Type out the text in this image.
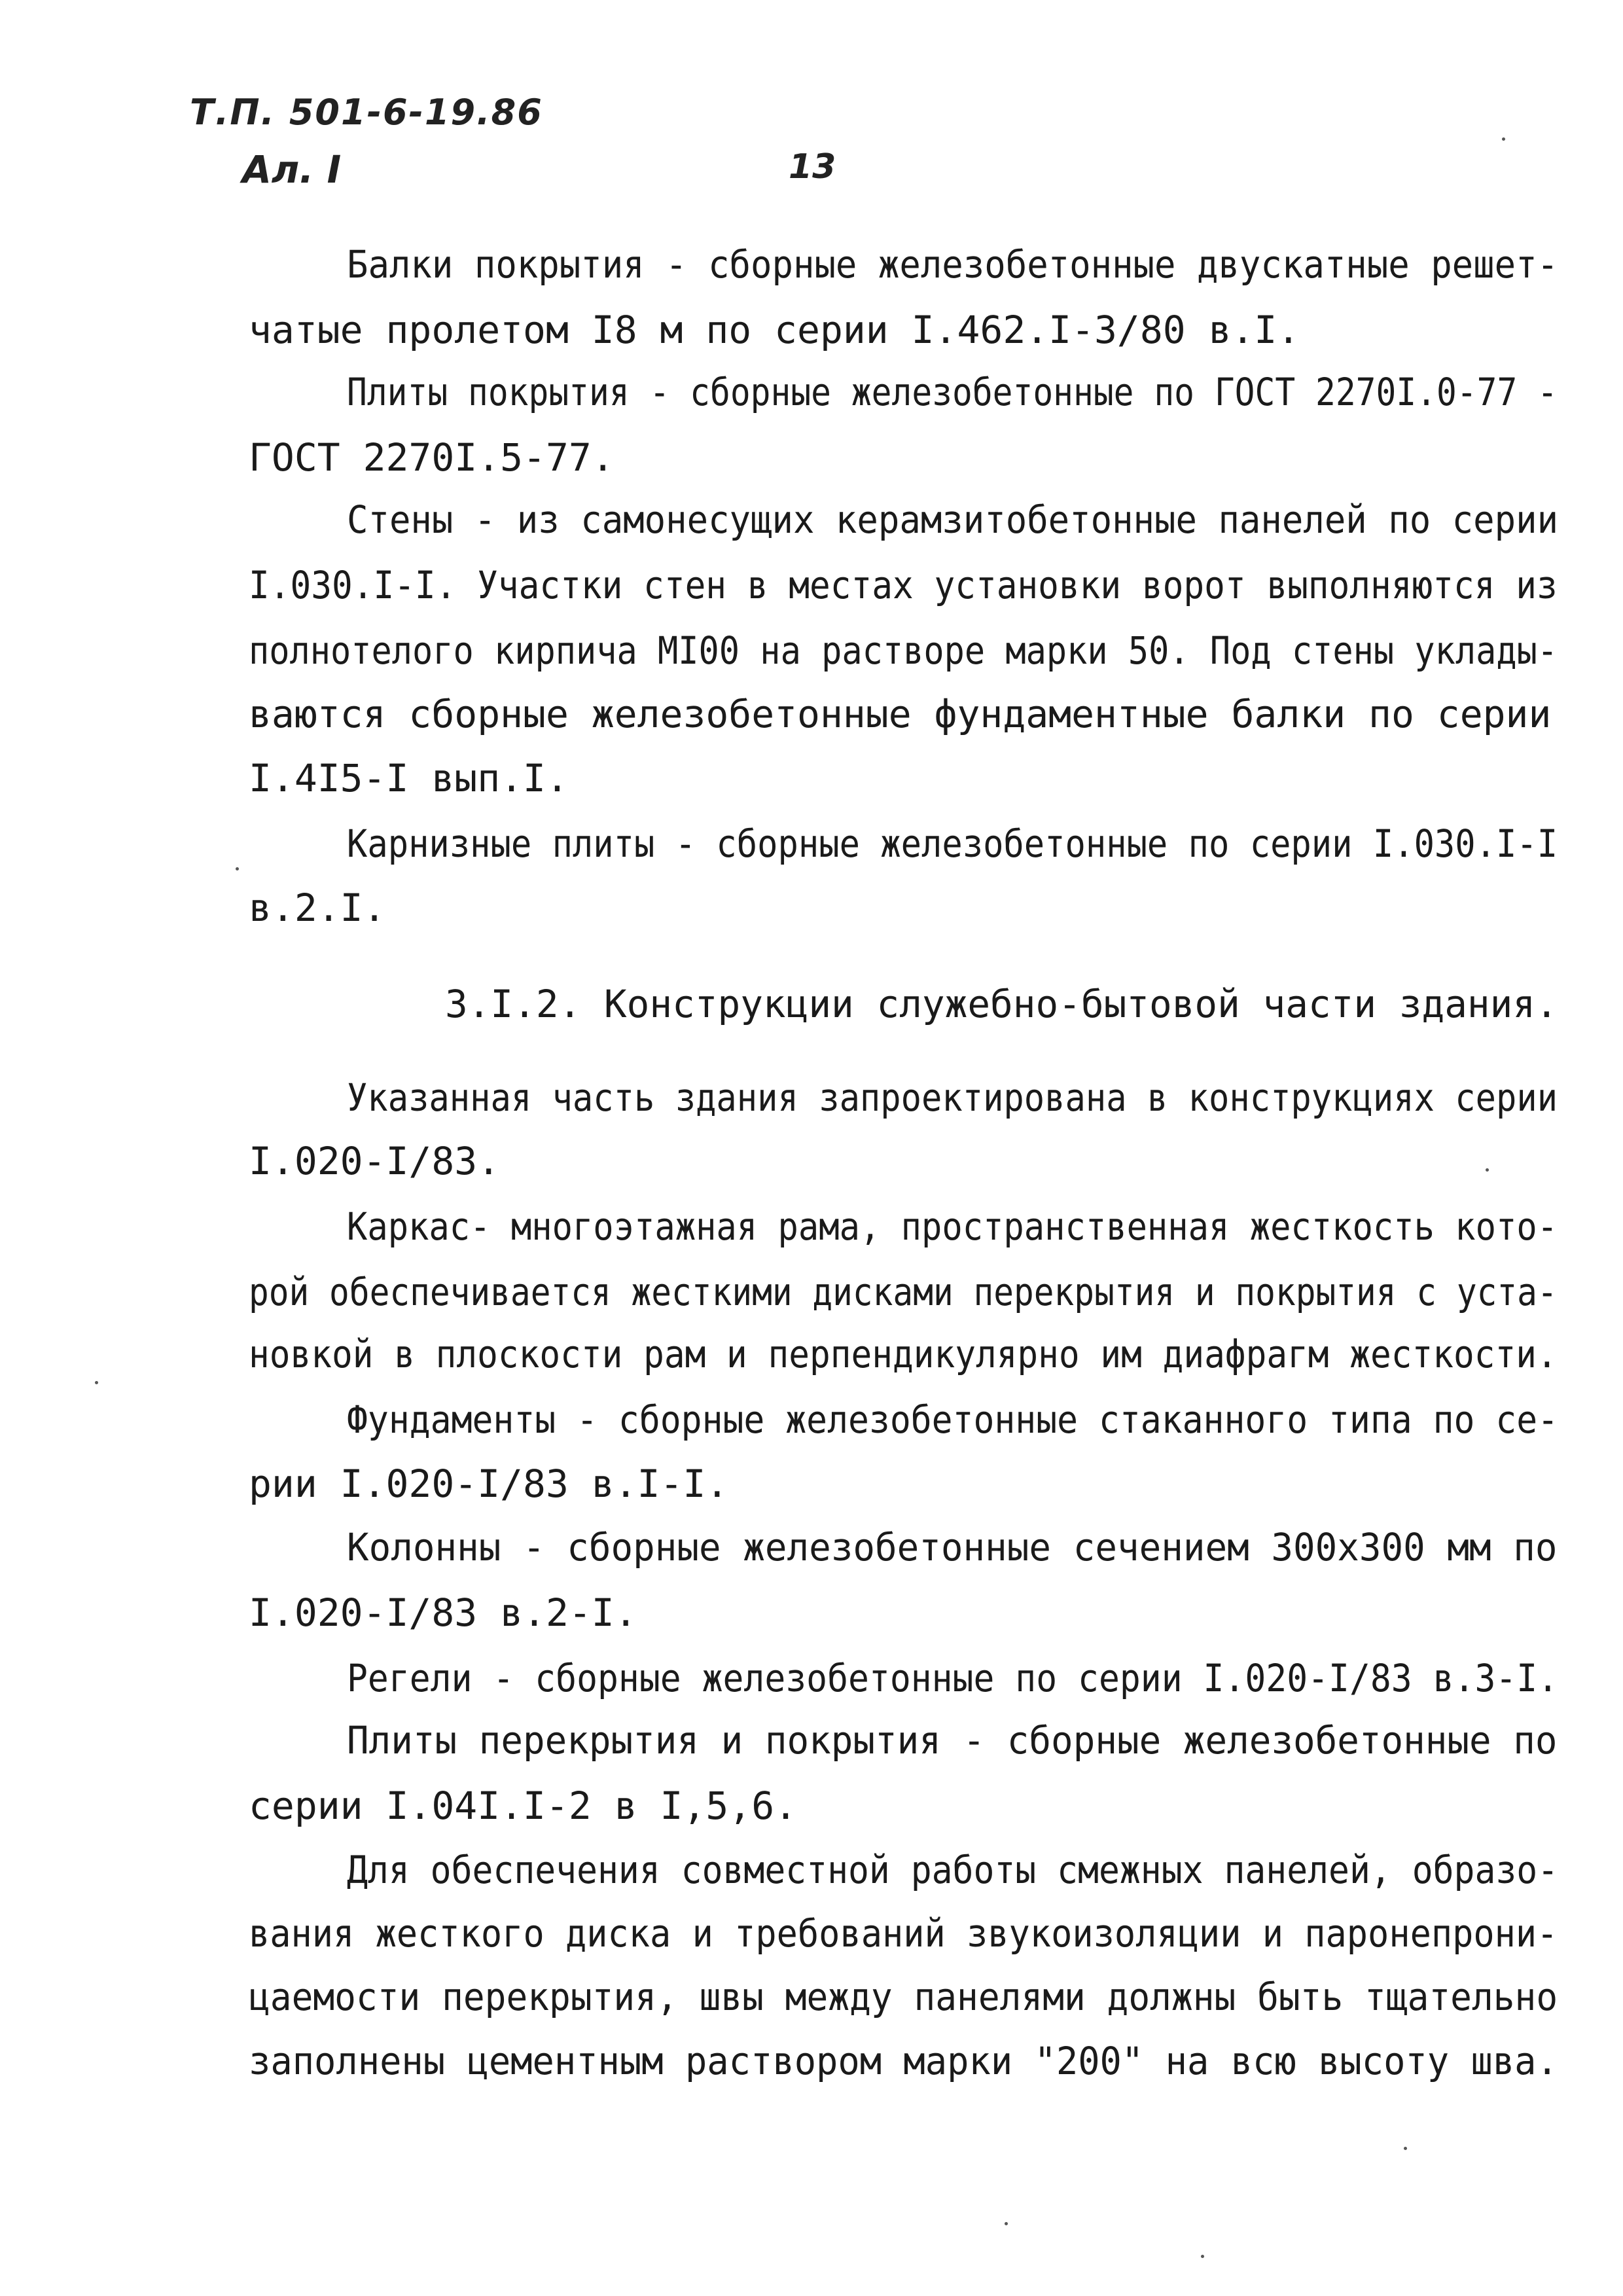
Т.П. 501-6-19.86
Ал. I	13
Балки покрытия - сборные железобетонные двускатные решет-
чатые пролетом I8 м по серии I.462.I-3/80 в.I.
Плиты покрытия - сборные железобетонные по ГОСТ 2270I.0-77 -
ГОСТ 2270I.5-77.
Стены - из самонесущих керамзитобетонные панелей по серии
I.030.I-I. Участки стен в местах установки ворот выполняются из
полнотелого кирпича MI00 на растворе марки 50. Под стены уклады-
ваются сборные железобетонные фундаментные балки по серии
I.4I5-I вып.I.
Карнизные плиты - сборные железобетонные по серии I.030.I-I
в.2.I.
3.I.2. Конструкции служебно-бытовой части здания.
Указанная часть здания запроектирована в конструкциях серии
I.020-I/83.
Каркас- многоэтажная рама, пространственная жесткость кото-
рой обеспечивается жесткими дисками перекрытия и покрытия с уста-
новкой в плоскости рам и перпендикулярно им диафрагм жесткости.
Фундаменты - сборные железобетонные стаканного типа по се-
рии I.020-I/83 в.I-I.
Колонны - сборные железобетонные сечением 300х300 мм по
I.020-I/83 в.2-I.
Регели - сборные железобетонные по серии I.020-I/83 в.3-I.
Плиты перекрытия и покрытия - сборные железобетонные по
серии I.04I.I-2 в I,5,6.
Для обеспечения совместной работы смежных панелей, образо-
вания жесткого диска и требований звукоизоляции и паронепрони-
цаемости перекрытия, швы между панелями должны быть тщательно
заполнены цементным раствором марки "200" на всю высоту шва.
